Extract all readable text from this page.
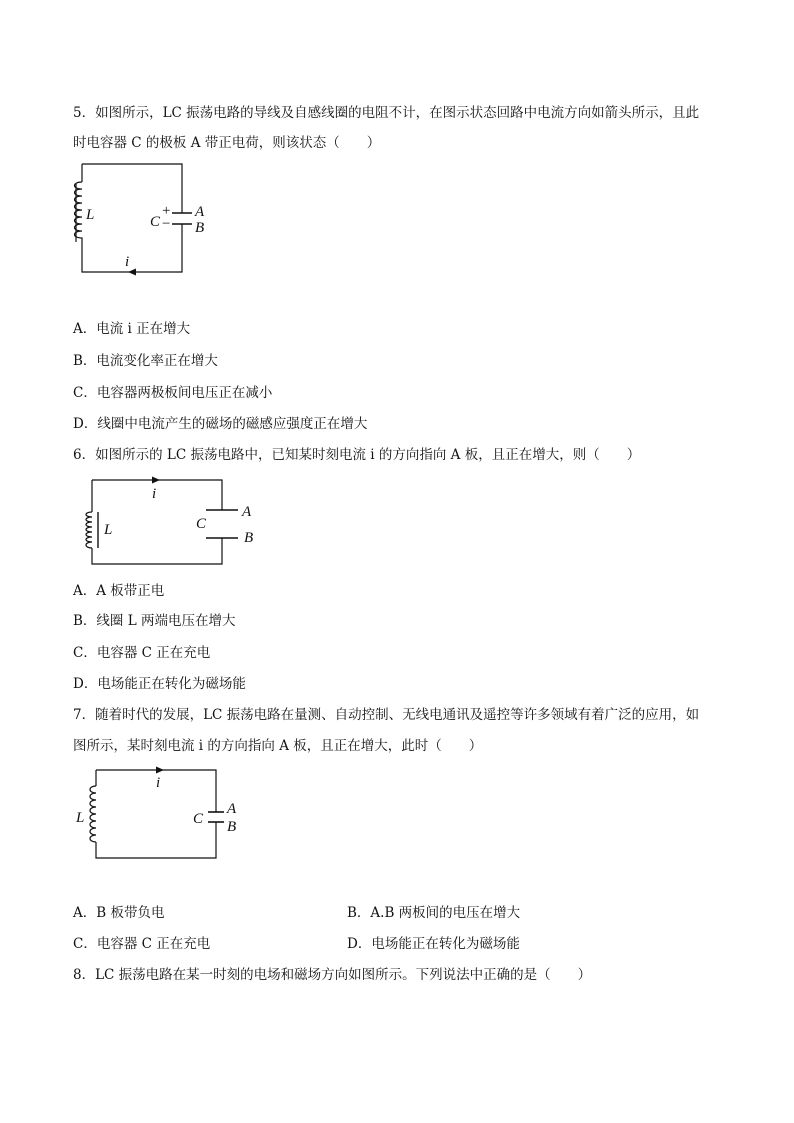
5．如图所示，LC 振荡电路的导线及自感线圈的电阻不计，在图示状态回路中电流方向如箭头所示，且此
时电容器 C 的极板 A 带正电荷，则该状态（　　）
L	C
+
−
A
B
i
A．电流 i 正在增大
B．电流变化率正在增大
C．电容器两极板间电压正在减小
D．线圈中电流产生的磁场的磁感应强度正在增大
6．如图所示的 LC 振荡电路中，已知某时刻电流 i 的方向指向 A 板，且正在增大，则（　　）
i
L	C
A
B
A．A 板带正电
B．线圈 L 两端电压在增大
C．电容器 C 正在充电
D．电场能正在转化为磁场能
7．随着时代的发展，LC 振荡电路在量测、自动控制、无线电通讯及遥控等许多领域有着广泛的应用，如
图所示，某时刻电流 i 的方向指向 A 板，且正在增大，此时（　　）
i
L	C
A
B
A．B 板带负电	B．A.B 两板间的电压在增大
C．电容器 C 正在充电	D．电场能正在转化为磁场能
8．LC 振荡电路在某一时刻的电场和磁场方向如图所示。下列说法中正确的是（　　）
